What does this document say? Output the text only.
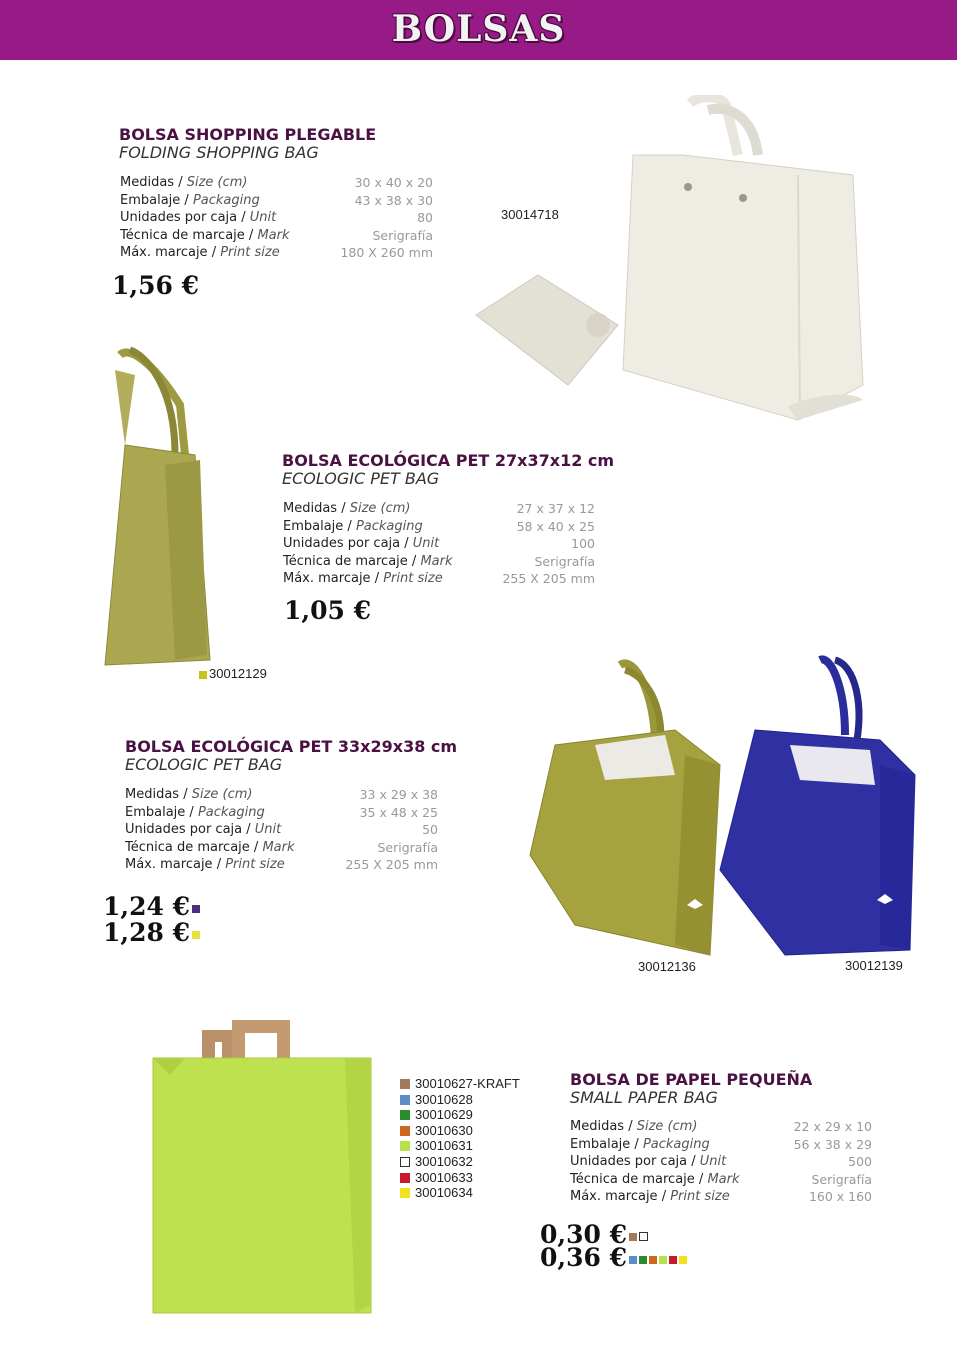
BOLSAS
BOLSA SHOPPING PLEGABLE
FOLDING SHOPPING BAG
Medidas / Size (cm)	30 x 40 x 20
Embalaje / Packaging	43 x 38 x 30
Unidades por caja / Unit	80
Técnica de marcaje / Mark	Serigrafía
Máx. marcaje / Print size	180 X 260 mm
1,56 €
30014718
BOLSA ECOLÓGICA PET 27x37x12 cm
ECOLOGIC PET BAG
Medidas / Size (cm)	27 x 37 x 12
Embalaje / Packaging	58 x 40 x 25
Unidades por caja / Unit	100
Técnica de marcaje / Mark	Serigrafía
Máx. marcaje / Print size	255 X 205 mm
1,05 €
30012129
BOLSA ECOLÓGICA PET 33x29x38 cm
ECOLOGIC PET BAG
Medidas / Size (cm)	33 x 29 x 38
Embalaje / Packaging	35 x 48 x 25
Unidades por caja / Unit	50
Técnica de marcaje / Mark	Serigrafía
Máx. marcaje / Print size	255 X 205 mm
1,24 €
1,28 €
30012136	30012139
30010627-KRAFT
30010628
30010629
30010630
30010631
30010632
30010633
30010634
BOLSA DE PAPEL PEQUEÑA
SMALL PAPER BAG
Medidas / Size (cm)	22 x 29 x 10
Embalaje / Packaging	56 x 38 x 29
Unidades por caja / Unit	500
Técnica de marcaje / Mark	Serigrafía
Máx. marcaje / Print size	160 x 160
0,30 €
0,36 €
